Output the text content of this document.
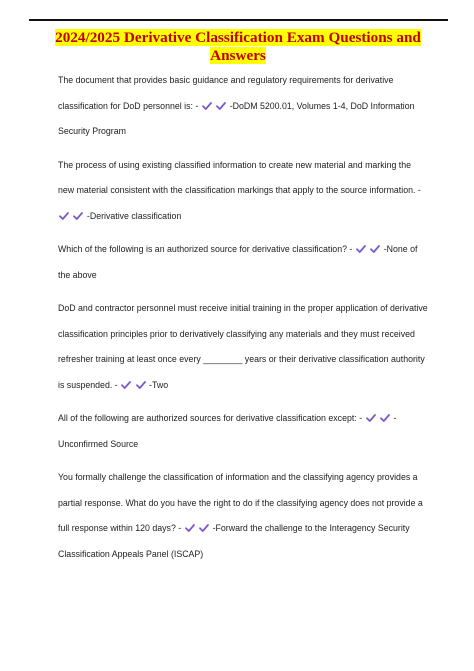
2024/2025 Derivative Classification Exam Questions and Answers

The document that provides basic guidance and regulatory requirements for derivative classification for DoD personnel is: -
	-DoDM 5200.01, Volumes 1-4, DoD Information Security Program

The process of using existing classified information to create new material and marking the new material consistent with the classification markings that apply to the source information. -

-Derivative classification

Which of the following is an authorized source for derivative classification? -
	-None of the above

DoD and contractor personnel must receive initial training in the proper application of derivative classification principles prior to derivatively classifying any materials and they must received refresher training at least once every ________ years or their derivative classification authority is suspended. -
	-Two

All of the following are authorized sources for derivative classification except: -
	-Unconfirmed Source

You formally challenge the classification of information and the classifying agency provides a partial response. What do you have the right to do if the classifying agency does not provide a full response within 120 days? -
	-Forward the challenge to the Interagency Security Classification Appeals Panel (ISCAP)
